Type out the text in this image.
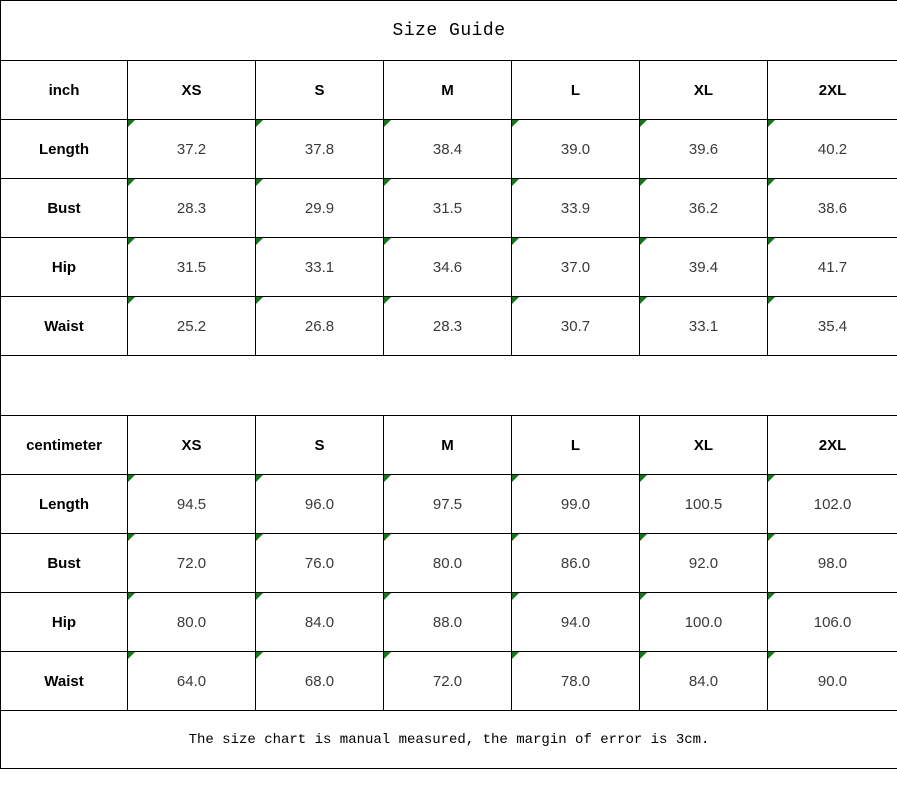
Size Guide						
inch	XS	S	M	L	XL	2XL
Length	37.2	37.8	38.4	39.0	39.6	40.2
Bust	28.3	29.9	31.5	33.9	36.2	38.6
Hip	31.5	33.1	34.6	37.0	39.4	41.7
Waist	25.2	26.8	28.3	30.7	33.1	35.4

centimeter	XS	S	M	L	XL	2XL
Length	94.5	96.0	97.5	99.0	100.5	102.0
Bust	72.0	76.0	80.0	86.0	92.0	98.0
Hip	80.0	84.0	88.0	94.0	100.0	106.0
Waist	64.0	68.0	72.0	78.0	84.0	90.0
The size chart is manual measured, the margin of error is 3cm.						
